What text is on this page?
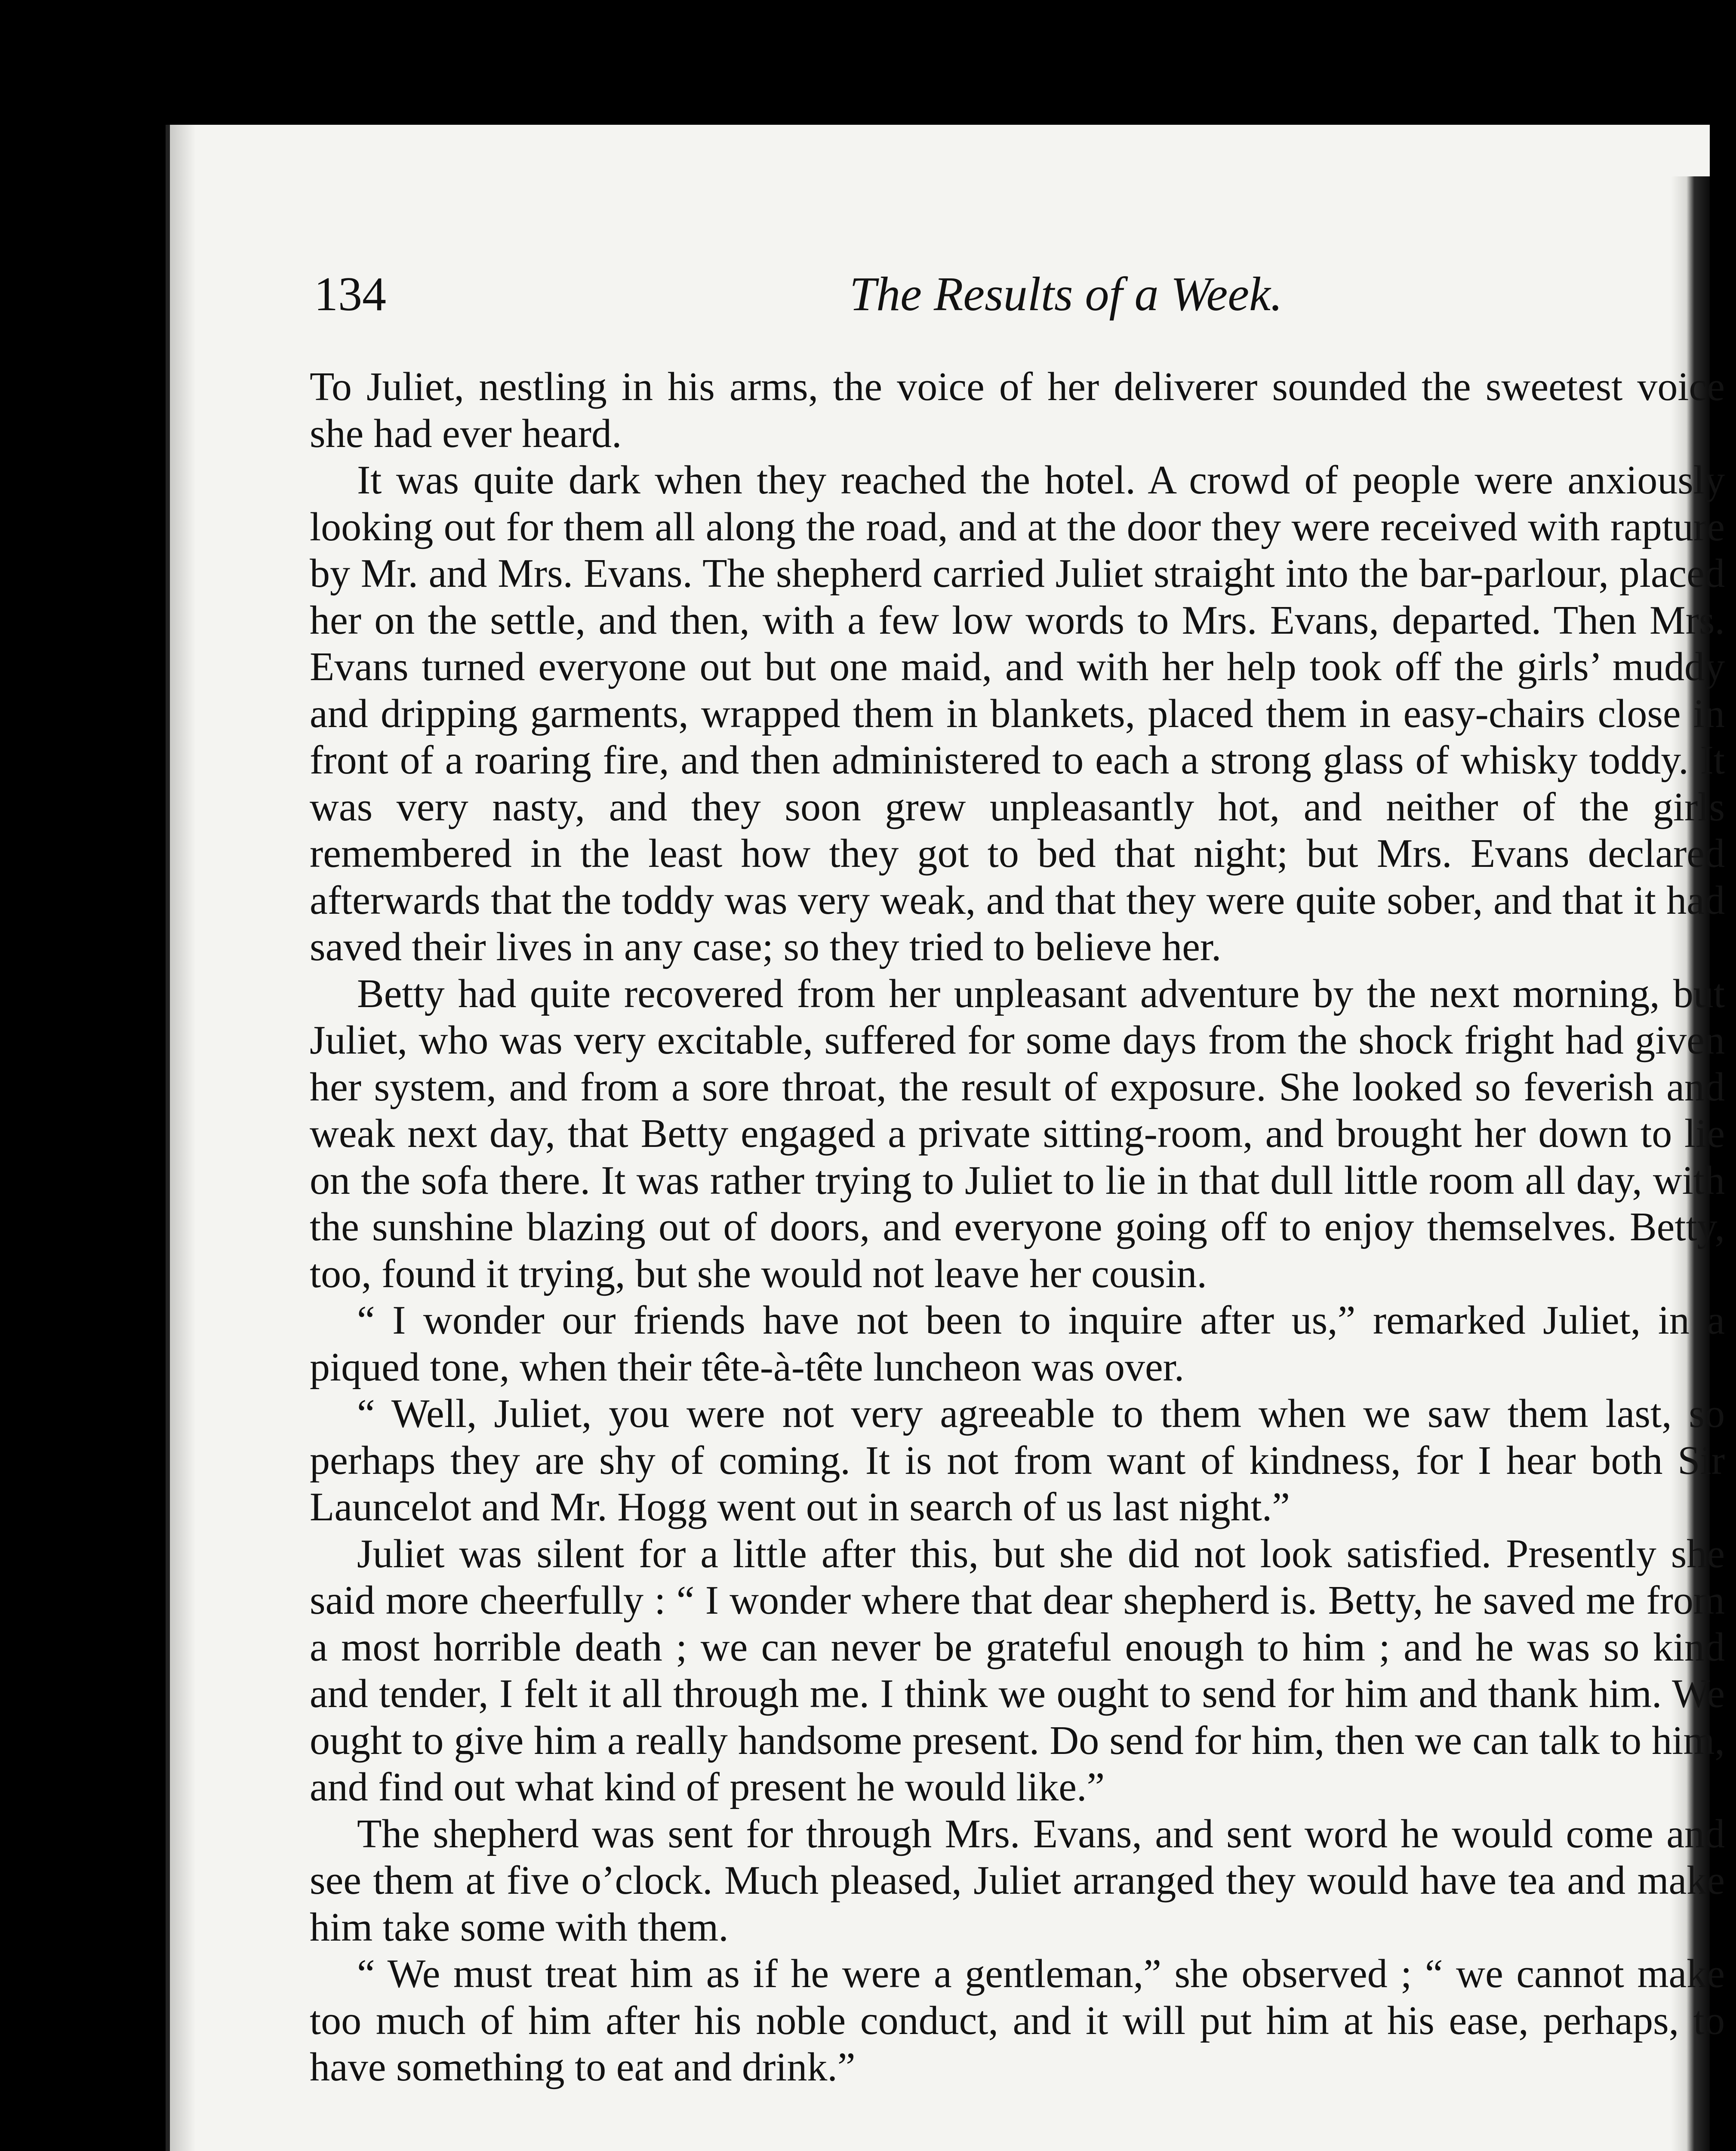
134	The Results of a Week.

To Juliet, nestling in his arms, the voice of her deliverer sounded the sweetest voice she had ever heard.

It was quite dark when they reached the hotel. A crowd of people were anxiously looking out for them all along the road, and at the door they were received with rapture by Mr. and Mrs. Evans. The shepherd carried Juliet straight into the bar-parlour, placed her on the settle, and then, with a few low words to Mrs. Evans, departed. Then Mrs. Evans turned everyone out but one maid, and with her help took off the girls’ muddy and dripping garments, wrapped them in blankets, placed them in easy-chairs close in front of a roaring fire, and then administered to each a strong glass of whisky toddy. It was very nasty, and they soon grew unpleasantly hot, and neither of the girls remembered in the least how they got to bed that night; but Mrs. Evans declared afterwards that the toddy was very weak, and that they were quite sober, and that it had saved their lives in any case; so they tried to believe her.

Betty had quite recovered from her unpleasant adventure by the next morning, but Juliet, who was very excitable, suffered for some days from the shock fright had given her system, and from a sore throat, the result of exposure. She looked so feverish and weak next day, that Betty engaged a private sitting-room, and brought her down to lie on the sofa there. It was rather trying to Juliet to lie in that dull little room all day, with the sunshine blazing out of doors, and everyone going off to enjoy themselves. Betty, too, found it trying, but she would not leave her cousin.

“ I wonder our friends have not been to inquire after us,” remarked Juliet, in a piqued tone, when their tête-à-tête luncheon was over.

“ Well, Juliet, you were not very agreeable to them when we saw them last, so perhaps they are shy of coming. It is not from want of kindness, for I hear both Sir Launcelot and Mr. Hogg went out in search of us last night.”

Juliet was silent for a little after this, but she did not look satisfied. Presently she said more cheerfully : “ I wonder where that dear shepherd is. Betty, he saved me from a most horrible death ; we can never be grateful enough to him ; and he was so kind and tender, I felt it all through me. I think we ought to send for him and thank him. We ought to give him a really handsome present. Do send for him, then we can talk to him, and find out what kind of present he would like.”

The shepherd was sent for through Mrs. Evans, and sent word he would come and see them at five o’clock. Much pleased, Juliet arranged they would have tea and make him take some with them.

“ We must treat him as if he were a gentleman,” she observed ; “ we cannot make too much of him after his noble conduct, and it will put him at his ease, perhaps, to have something to eat and drink.”
